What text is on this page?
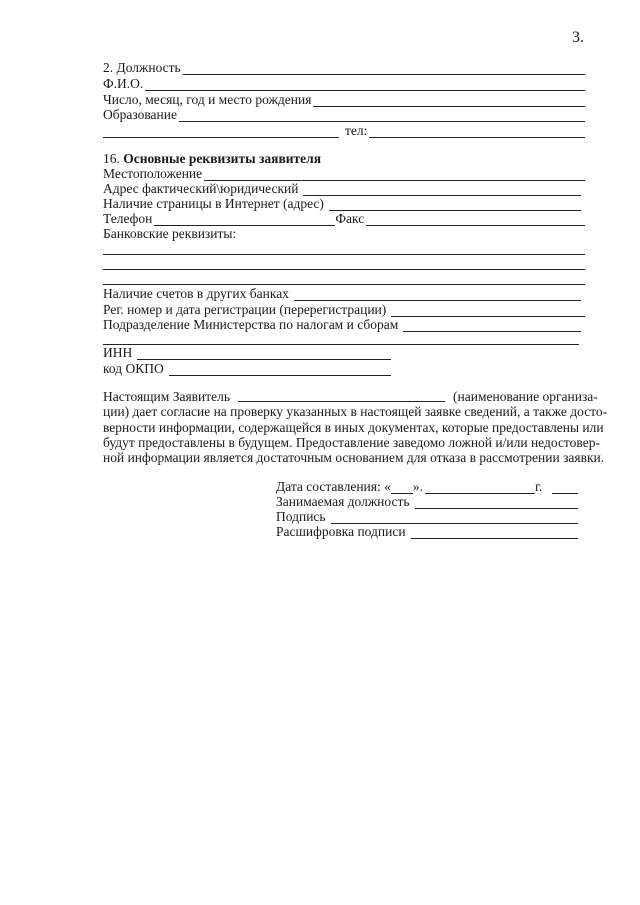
3.
2. Должность
Ф.И.О.
Число, месяц, год и место рождения
Образование
тел:
16.
Основные реквизиты заявителя
Местоположение
Адрес фактический\юридический
Наличие страницы в Интернет (адрес)
Телефон	Факс
Банковские реквизиты:
Наличие счетов в других банках
Рег. номер и дата регистрации (перерегистрации)
Подразделение Министерства по налогам и сборам
ИНН
код ОКПО
Настоящим Заявитель	(наименование организа-
ции) дает согласие на проверку указанных в настоящей заявке сведений, а также досто-
верности информации, содержащейся в иных документах, которые предоставлены или
будут предоставлены в будущем. Предоставление заведомо ложной и/или недостовер-
ной информации является достаточным основанием для отказа в рассмотрении заявки.
Дата составления: « ».	г.
Занимаемая должность
Подпись
Расшифровка подписи
